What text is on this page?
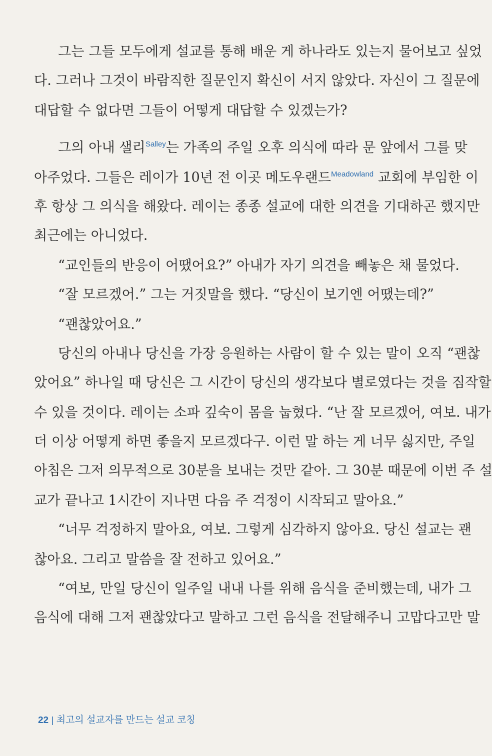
그는 그들 모두에게 설교를 통해 배운 게 하나라도 있는지 물어보고 싶었
다. 그러나 그것이 바람직한 질문인지 확신이 서지 않았다. 자신이 그 질문에
대답할 수 없다면 그들이 어떻게 대답할 수 있겠는가?
그의 아내 샐리$^{Salley}$는 가족의 주일 오후 의식에 따라 문 앞에서 그를 맞
아주었다. 그들은 레이가 10년 전 이곳 메도우랜드$^{Meadowland}$ 교회에 부임한 이
후 항상 그 의식을 해왔다. 레이는 종종 설교에 대한 의견을 기대하곤 했지만
최근에는 아니었다.
“교인들의 반응이 어땠어요?” 아내가 자기 의견을 빼놓은 채 물었다.
“잘 모르겠어.” 그는 거짓말을 했다. “당신이 보기엔 어땠는데?”
“괜찮았어요.”
당신의 아내나 당신을 가장 응원하는 사람이 할 수 있는 말이 오직 “괜찮
았어요” 하나일 때 당신은 그 시간이 당신의 생각보다 별로였다는 것을 짐작할
수 있을 것이다. 레이는 소파 깊숙이 몸을 눕혔다. “난 잘 모르겠어, 여보. 내가
더 이상 어떻게 하면 좋을지 모르겠다구. 이런 말 하는 게 너무 싫지만, 주일
아침은 그저 의무적으로 30분을 보내는 것만 같아. 그 30분 때문에 이번 주 설
교가 끝나고 1시간이 지나면 다음 주 걱정이 시작되고 말아요.”
“너무 걱정하지 말아요, 여보. 그렇게 심각하지 않아요. 당신 설교는 괜
찮아요. 그리고 말씀을 잘 전하고 있어요.”
“여보, 만일 당신이 일주일 내내 나를 위해 음식을 준비했는데, 내가 그
음식에 대해 그저 괜찮았다고 말하고 그런 음식을 전달해주니 고맙다고만 말
22 | 최고의 설교자를 만드는 설교 코칭
